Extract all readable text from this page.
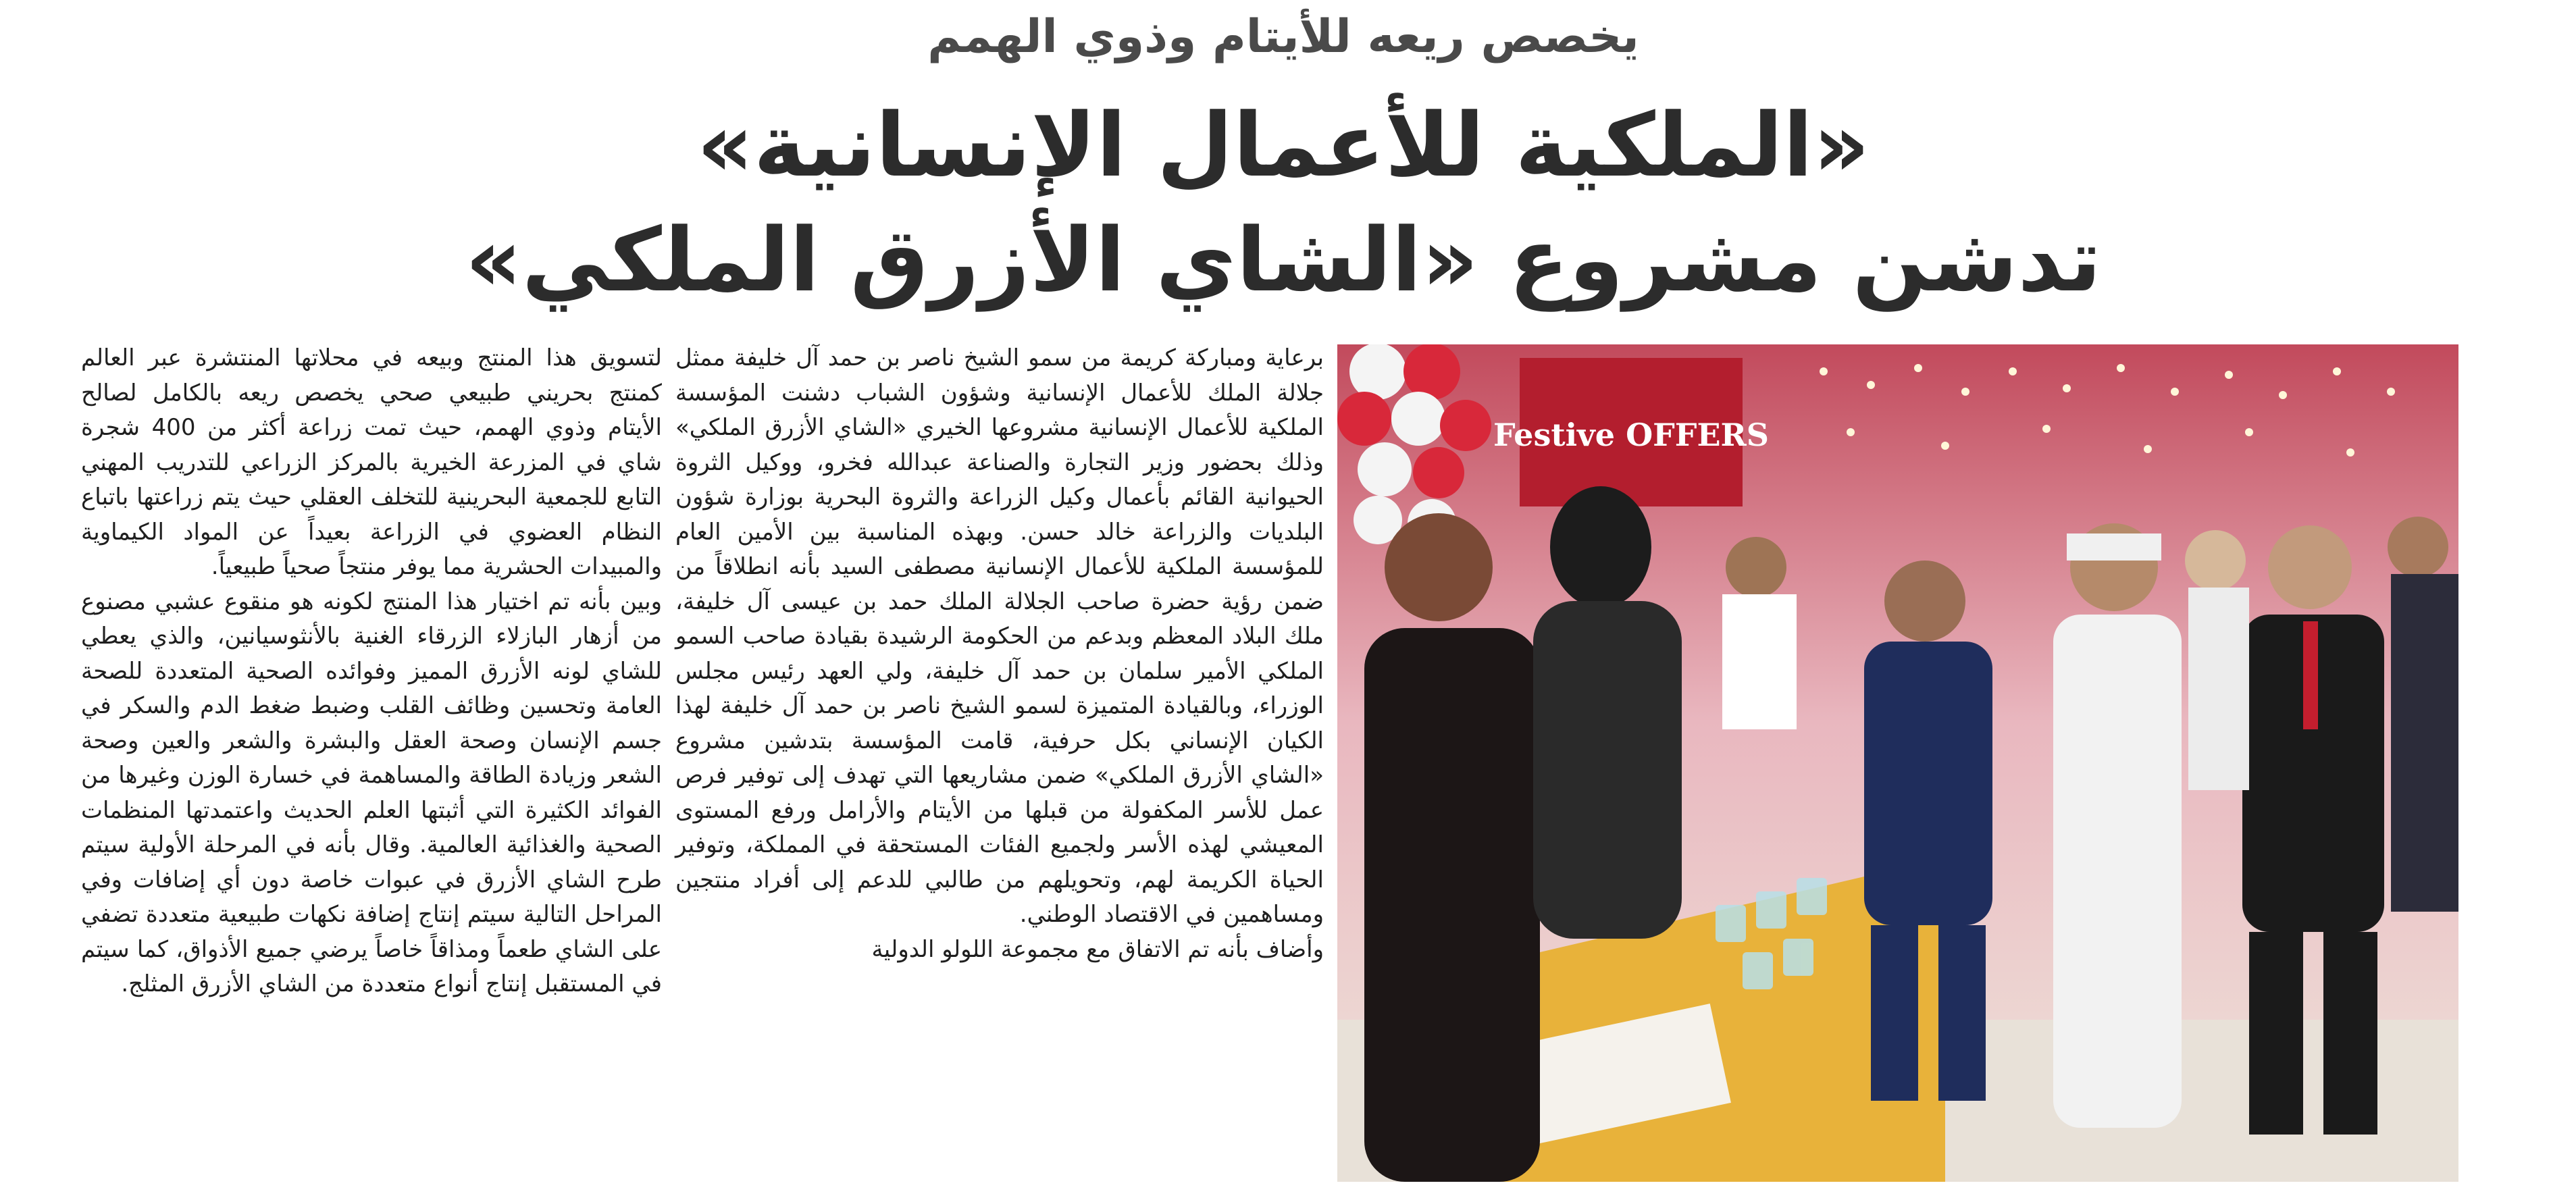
يخصص ريعه للأيتام وذوي الهمم
«الملكية للأعمال الإنسانية»
تدشن مشروع «الشاي الأزرق الملكي»

لتسويق هذا المنتج وبيعه في محلاتها المنتشرة عبر العالم كمنتج بحريني طبيعي صحي يخصص ريعه بالكامل لصالح الأيتام وذوي الهمم، حيث تمت زراعة أكثر من 400 شجرة شاي في المزرعة الخيرية بالمركز الزراعي للتدريب المهني التابع للجمعية البحرينية للتخلف العقلي حيث يتم زراعتها باتباع النظام العضوي في الزراعة بعيداً عن المواد الكيماوية والمبيدات الحشرية مما يوفر منتجاً صحياً طبيعياً.

وبين بأنه تم اختيار هذا المنتج لكونه هو منقوع عشبي مصنوع من أزهار البازلاء الزرقاء الغنية بالأنثوسيانين، والذي يعطي للشاي لونه الأزرق المميز وفوائده الصحية المتعددة للصحة العامة وتحسين وظائف القلب وضبط ضغط الدم والسكر في جسم الإنسان وصحة العقل والبشرة والشعر والعين وصحة الشعر وزيادة الطاقة والمساهمة في خسارة الوزن وغيرها من الفوائد الكثيرة التي أثبتها العلم الحديث واعتمدتها المنظمات الصحية والغذائية العالمية. وقال بأنه في المرحلة الأولية سيتم طرح الشاي الأزرق في عبوات خاصة دون أي إضافات وفي المراحل التالية سيتم إنتاج إضافة نكهات طبيعية متعددة تضفي على الشاي طعماً ومذاقاً خاصاً يرضي جميع الأذواق، كما سيتم في المستقبل إنتاج أنواع متعددة من الشاي الأزرق المثلج.

Festive OFFERS

برعاية ومباركة كريمة من سمو الشيخ ناصر بن حمد آل خليفة ممثل جلالة الملك للأعمال الإنسانية وشؤون الشباب دشنت المؤسسة الملكية للأعمال الإنسانية مشروعها الخيري «الشاي الأزرق الملكي» وذلك بحضور وزير التجارة والصناعة عبدالله فخرو، ووكيل الثروة الحيوانية القائم بأعمال وكيل الزراعة والثروة البحرية بوزارة شؤون البلديات والزراعة خالد حسن. وبهذه المناسبة بين الأمين العام للمؤسسة الملكية للأعمال الإنسانية مصطفى السيد بأنه انطلاقاً من ضمن رؤية حضرة صاحب الجلالة الملك حمد بن عيسى آل خليفة، ملك البلاد المعظم وبدعم من الحكومة الرشيدة بقيادة صاحب السمو الملكي الأمير سلمان بن حمد آل خليفة، ولي العهد رئيس مجلس الوزراء، وبالقيادة المتميزة لسمو الشيخ ناصر بن حمد آل خليفة لهذا الكيان الإنساني بكل حرفية، قامت المؤسسة بتدشين مشروع «الشاي الأزرق الملكي» ضمن مشاريعها التي تهدف إلى توفير فرص عمل للأسر المكفولة من قبلها من الأيتام والأرامل ورفع المستوى المعيشي لهذه الأسر ولجميع الفئات المستحقة في المملكة، وتوفير الحياة الكريمة لهم، وتحويلهم من طالبي للدعم إلى أفراد منتجين ومساهمين في الاقتصاد الوطني.

وأضاف بأنه تم الاتفاق مع مجموعة اللولو الدولية
